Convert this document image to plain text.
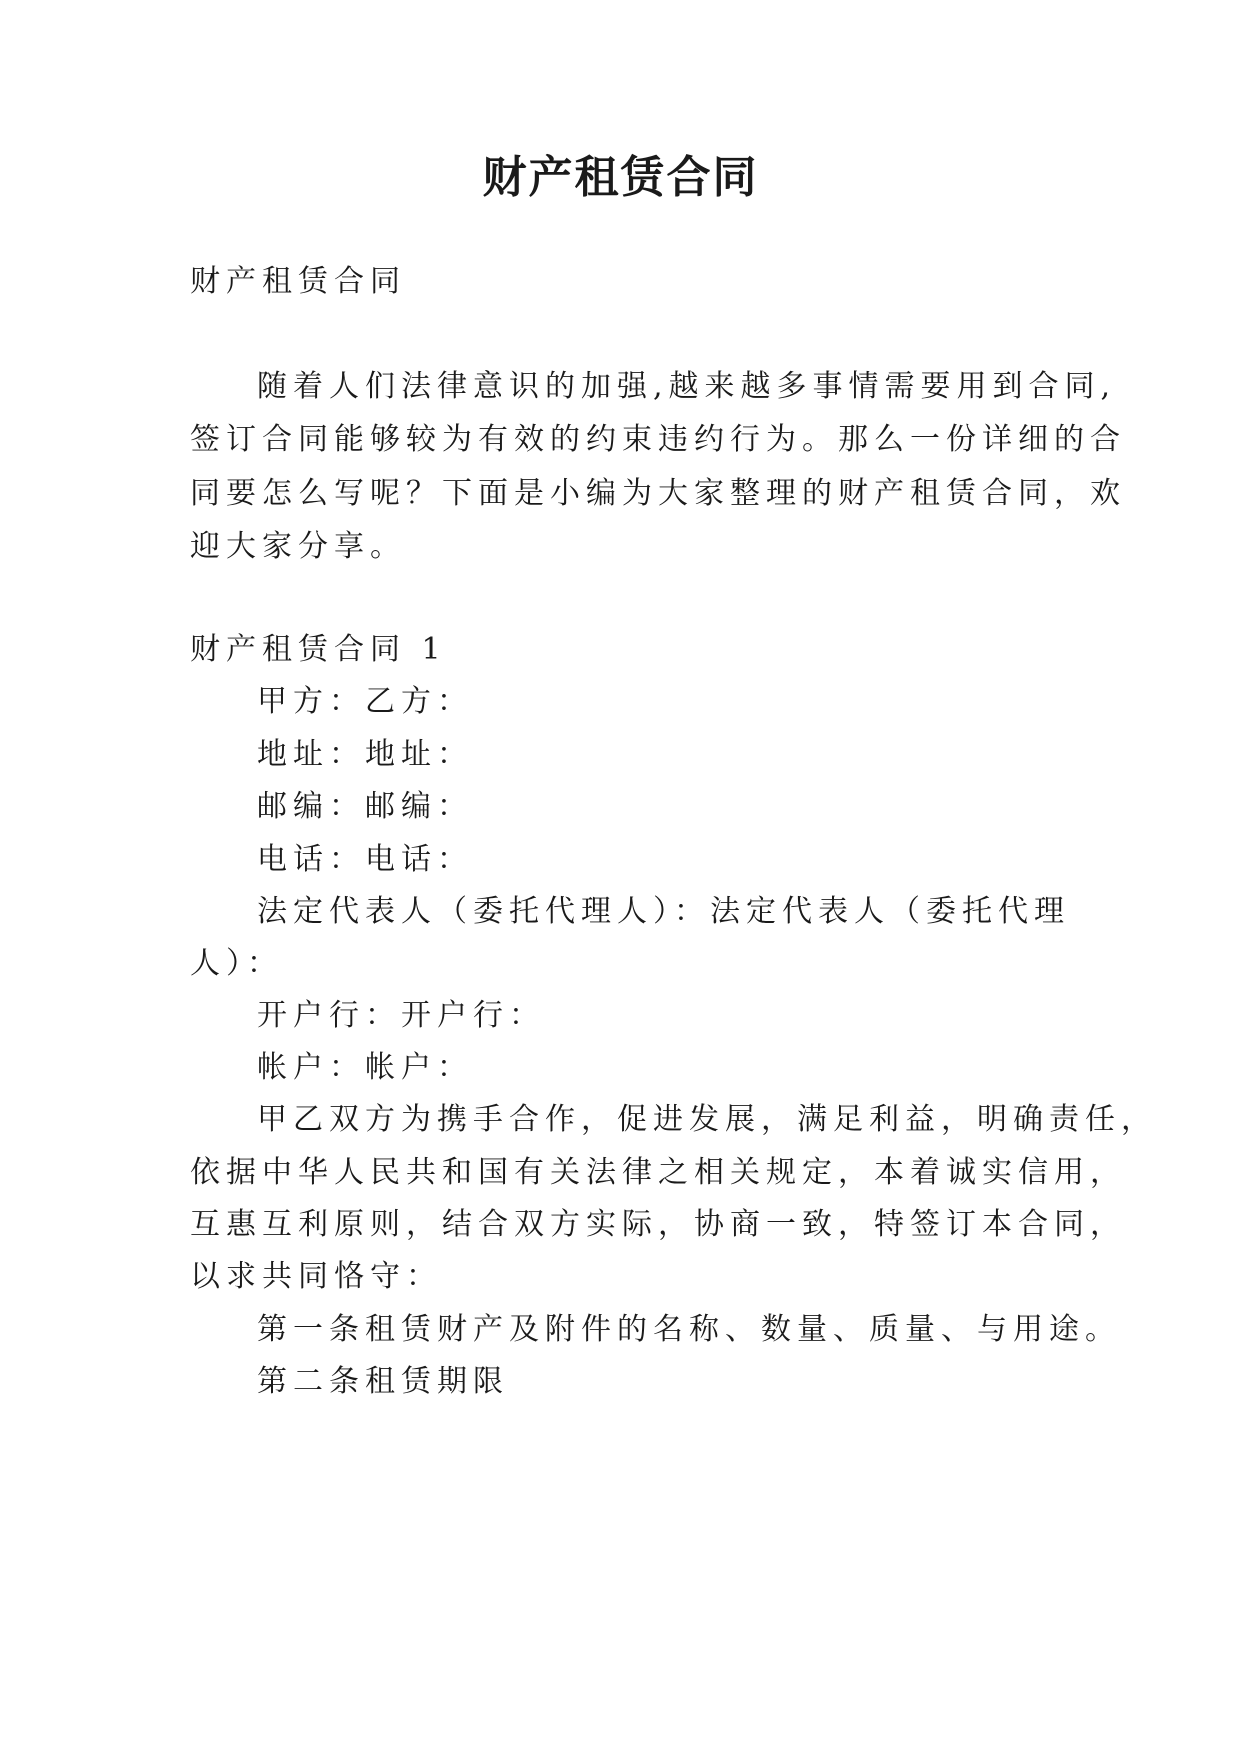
财产租赁合同
财产租赁合同
随着人们法律意识的加强,越来越多事情需要用到合同,
签订合同能够较为有效的约束违约行为。那么一份详细的合
同要怎么写呢？下面是小编为大家整理的财产租赁合同，欢
迎大家分享。
财产租赁合同 1
甲方：乙方：
地址：地址：
邮编：邮编：
电话：电话：
法定代表人（委托代理人）：法定代表人（委托代理
人）：
开户行：开户行：
帐户：帐户：
甲乙双方为携手合作，促进发展，满足利益，明确责任，
依据中华人民共和国有关法律之相关规定，本着诚实信用，
互惠互利原则，结合双方实际，协商一致，特签订本合同，
以求共同恪守：
第一条租赁财产及附件的名称、数量、质量、与用途。
第二条租赁期限
